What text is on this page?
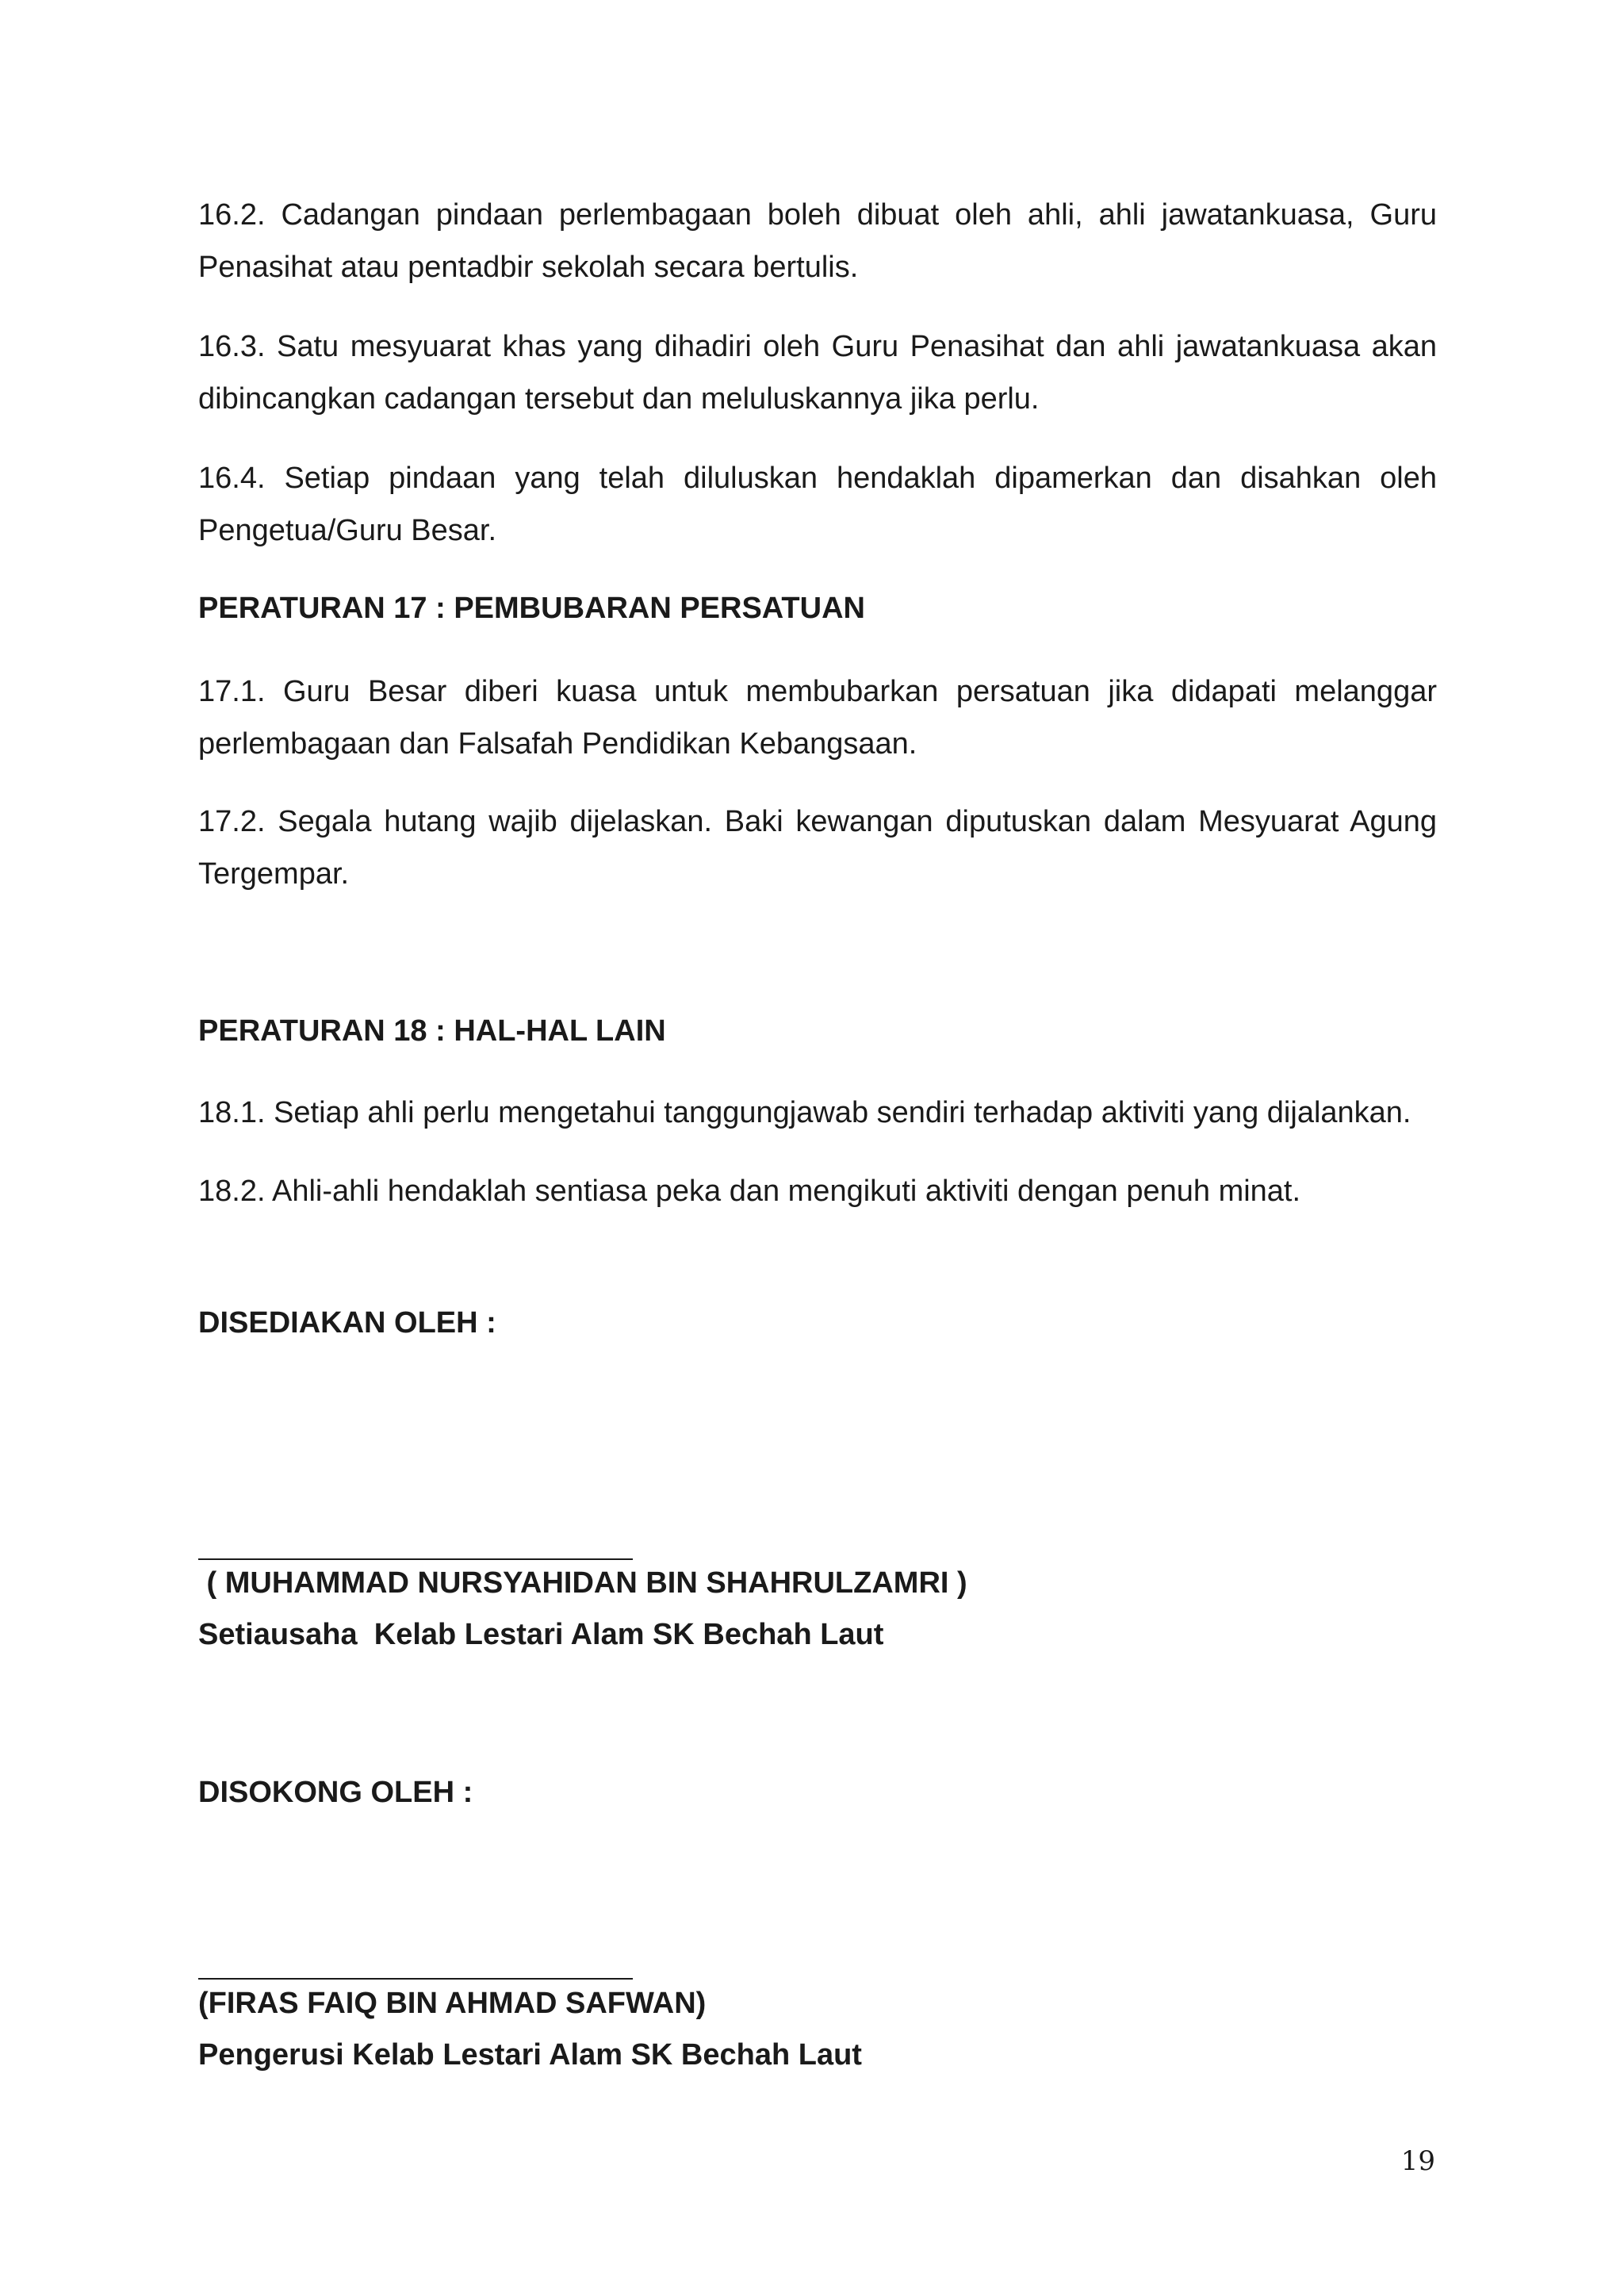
16.2. Cadangan pindaan perlembagaan boleh dibuat oleh ahli, ahli jawatankuasa, Guru Penasihat atau pentadbir sekolah secara bertulis.

16.3. Satu mesyuarat khas yang dihadiri oleh Guru Penasihat dan ahli jawatankuasa akan dibincangkan cadangan tersebut dan meluluskannya jika perlu.

16.4. Setiap pindaan yang telah diluluskan hendaklah dipamerkan dan disahkan oleh Pengetua/Guru Besar.

PERATURAN 17 : PEMBUBARAN PERSATUAN

17.1. Guru Besar diberi kuasa untuk membubarkan persatuan jika didapati melanggar perlembagaan dan Falsafah Pendidikan Kebangsaan.

17.2. Segala hutang wajib dijelaskan. Baki kewangan diputuskan dalam Mesyuarat Agung Tergempar.

PERATURAN 18 : HAL-HAL LAIN

18.1. Setiap ahli perlu mengetahui tanggungjawab sendiri terhadap aktiviti yang dijalankan.

18.2. Ahli-ahli hendaklah sentiasa peka dan mengikuti aktiviti dengan penuh minat.

DISEDIAKAN OLEH :

( MUHAMMAD NURSYAHIDAN BIN SHAHRULZAMRI )
Setiausaha  Kelab Lestari Alam SK Bechah Laut

DISOKONG OLEH :

(FIRAS FAIQ BIN AHMAD SAFWAN)
Pengerusi Kelab Lestari Alam SK Bechah Laut
19
